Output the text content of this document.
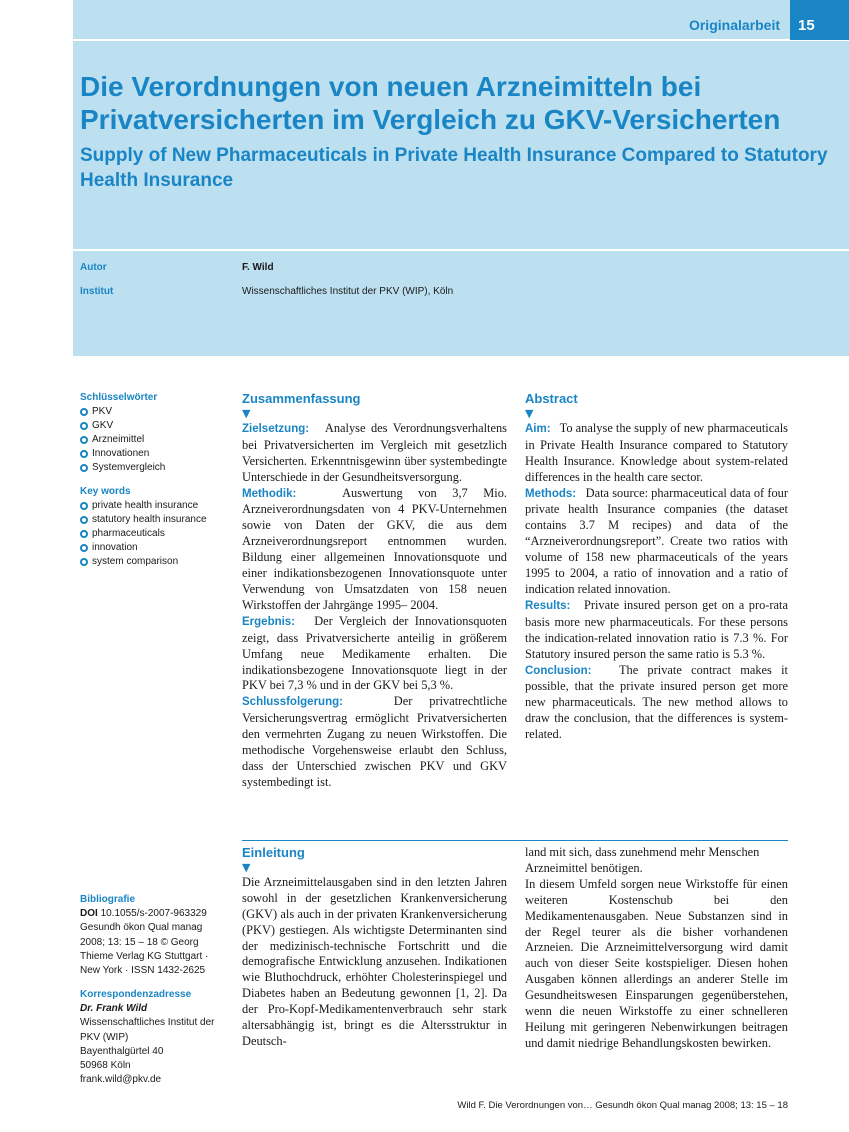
Originalarbeit	15
Die Verordnungen von neuen Arzneimitteln bei Privatversicherten im Vergleich zu GKV-Versicherten
Supply of New Pharmaceuticals in Private Health Insurance Compared to Statutory Health Insurance
Autor	F. Wild
Institut	Wissenschaftliches Institut der PKV (WIP), Köln
Schlüsselwörter
PKV
GKV
Arzneimittel
Innovationen
Systemvergleich
Key words
private health insurance
statutory health insurance
pharmaceuticals
innovation
system comparison
Zusammenfassung
▼

Zielsetzung: Analyse des Verordnungsverhaltens bei Privatversicherten im Vergleich mit gesetzlich Versicherten. Erkenntnisgewinn über systembedingte Unterschiede in der Gesundheitsversorgung.

Methodik:	Auswertung von 3,7 Mio. Arzneiverordnungsdaten von 4 PKV-Unternehmen sowie von Daten der GKV, die aus dem Arzneiverordnungsreport entnommen wurden. Bildung einer allgemeinen Innovationsquote und einer indikationsbezogenen Innovationsquote unter Verwendung von Umsatzdaten von 158 neuen Wirkstoffen der Jahrgänge 1995– 2004.

Ergebnis: Der Vergleich der Innovationsquoten zeigt, dass Privatversicherte anteilig in größerem Umfang neue Medikamente erhalten. Die indikationsbezogene Innovationsquote liegt in der PKV bei 7,3 % und in der GKV bei 5,3 %.

Schlussfolgerung:	Der privatrechtliche Versicherungsvertrag ermöglicht Privatversicherten den vermehrten Zugang zu neuen Wirkstoffen. Die methodische Vorgehensweise erlaubt den Schluss, dass der Unterschied zwischen PKV und GKV systembedingt ist.

Abstract
▼

Aim: To analyse the supply of new pharmaceuticals in Private Health Insurance compared to Statutory Health Insurance. Knowledge about system-related differences in the health care sector.

Methods: Data source: pharmaceutical data of four private health Insurance companies (the dataset contains 3.7 M recipes) and data of the “Arzneiverordnungsreport”. Create two ratios with volume of 158 new pharmaceuticals of the years 1995 to 2004, a ratio of innovation and a ratio of indication related innovation.

Results: Private insured person get on a pro-rata basis more new pharmaceuticals. For these persons the indication-related innovation ratio is 7.3 %. For Statutory insured person the same ratio is 5.3 %.

Conclusion: The private contract makes it possible, that the private insured person get more new pharmaceuticals. The new method allows to draw the conclusion, that the differences is system-related.

Einleitung
▼

Die Arzneimittelausgaben sind in den letzten Jahren sowohl in der gesetzlichen Krankenversicherung (GKV) als auch in der privaten Krankenversicherung (PKV) gestiegen. Als wichtigste Determinanten sind der medizinisch-technische Fortschritt und die demografische Entwicklung anzusehen. Indikationen wie Bluthochdruck, erhöhter Cholesterinspiegel und Diabetes haben an Bedeutung gewonnen [1, 2]. Da der Pro-Kopf-Medikamentenverbrauch sehr stark altersabhängig ist, bringt es die Altersstruktur in Deutsch-

land mit sich, dass zunehmend mehr Menschen Arzneimittel benötigen.

In diesem Umfeld sorgen neue Wirkstoffe für einen weiteren Kostenschub bei den Medikamentenausgaben. Neue Substanzen sind in der Regel teurer als die bisher vorhandenen Arzneien. Die Arzneimittelversorgung wird damit auch von dieser Seite kostspieliger. Diesen hohen Ausgaben können allerdings an anderer Stelle im Gesundheitswesen Einsparungen gegenüberstehen, wenn die neuen Wirkstoffe zu einer schnelleren Heilung mit geringeren Nebenwirkungen beitragen und damit niedrige Behandlungskosten bewirken.

Bibliografie
DOI 10.1055/s-2007-963329
Gesundh ökon Qual manag
2008; 13: 15 – 18 © Georg
Thieme Verlag KG Stuttgart ·
New York · ISSN 1432-2625
Korrespondenzadresse
Dr. Frank Wild
Wissenschaftliches Institut der
PKV (WIP)
Bayenthalgürtel 40
50968 Köln
frank.wild@pkv.de
Wild F. Die Verordnungen von… Gesundh ökon Qual manag 2008; 13: 15 – 18
